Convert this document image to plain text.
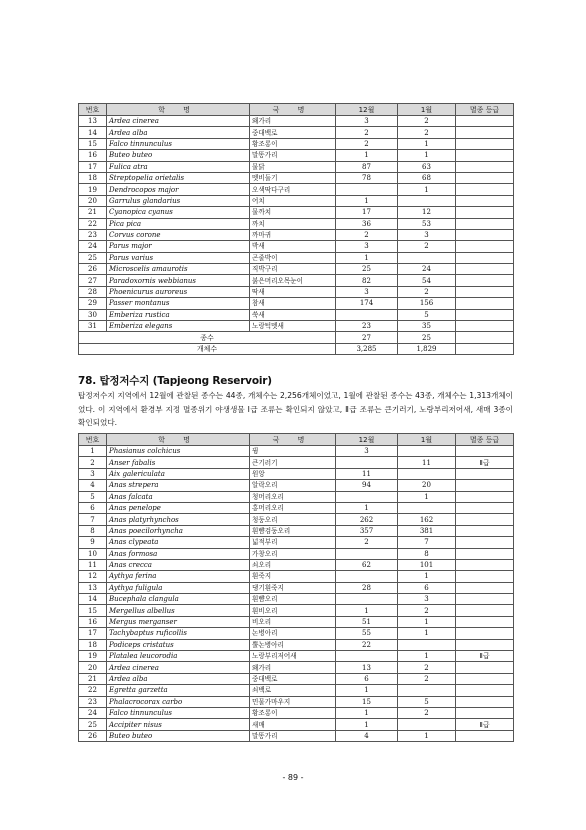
번호	학 명	국 명	12월	1월	멸종 등급
13	Ardea cinerea	왜가리	3	2	
14	Ardea alba	중대백로	2	2	
15	Falco tinnunculus	황조롱이	2	1	
16	Buteo buteo	말똥가리	1	1	
17	Fulica atra	물닭	87	63	
18	Streptopelia orietalis	멧비둘기	78	68	
19	Dendrocopos major	오색딱다구리		1	
20	Garrulus glandarius	어치	1		
21	Cyanopica cyanus	물까치	17	12	
22	Pica pica	까치	36	53	
23	Corvus corone	까마귀	2	3	
24	Parus major	박새	3	2	
25	Parus varius	곤줄박이	1		
26	Microscelis amaurotis	직박구리	25	24	
27	Paradoxornis webbianus	붉은머리오목눈이	82	54	
28	Phoenicurus auroreus	딱새	3	2	
29	Passer montanus	참새	174	156	
30	Emberiza rustica	쑥새		5	
31	Emberiza elegans	노랑턱멧새	23	35	
종수			27	25	
개체수			3,285	1,829	
78. 탑정저수지 (Tapjeong Reservoir)
탑정저수지 지역에서 12월에 관찰된 종수는 44종, 개체수는 2,256개체이었고, 1월에 관찰된 종수는 43종, 개체수는 1,313개체이었다. 이 지역에서 환경부 지정 멸종위기 야생생물 Ⅰ급 조류는 확인되지 않았고, Ⅱ급 조류는 큰기러기, 노랑부리저어새, 새매 3종이 확인되었다.
번호	학 명	국 명	12월	1월	멸종 등급
1	Phasianus colchicus	꿩	3		
2	Anser fabalis	큰기러기		11	Ⅱ급
3	Aix galericulata	원앙	11		
4	Anas strepera	알락오리	94	20	
5	Anas falcata	청머리오리		1	
6	Anas penelope	홍머리오리	1		
7	Anas platyrhynchos	청둥오리	262	162	
8	Anas poecilorhyncha	흰뺨검둥오리	357	381	
9	Anas clypeata	넓적부리	2	7	
10	Anas formosa	가창오리		8	
11	Anas crecca	쇠오리	62	101	
12	Aythya ferina	흰죽지		1	
13	Aythya fuligula	댕기흰죽지	28	6	
14	Bucephala clangula	흰뺨오리		3	
15	Mergellus albellus	흰비오리	1	2	
16	Mergus merganser	비오리	51	1	
17	Tachybaptus ruficollis	논병아리	55	1	
18	Podiceps cristatus	뿔논병아리	22		
19	Platalea leucorodia	노랑부리저어새		1	Ⅱ급
20	Ardea cinerea	왜가리	13	2	
21	Ardea alba	중대백로	6	2	
22	Egretta garzetta	쇠백로	1		
23	Phalacrocorax carbo	민물가마우지	15	5	
24	Falco tinnunculus	황조롱이	1	2	
25	Accipiter nisus	새매	1		Ⅱ급
26	Buteo buteo	말똥가리	4	1	
- 89 -
